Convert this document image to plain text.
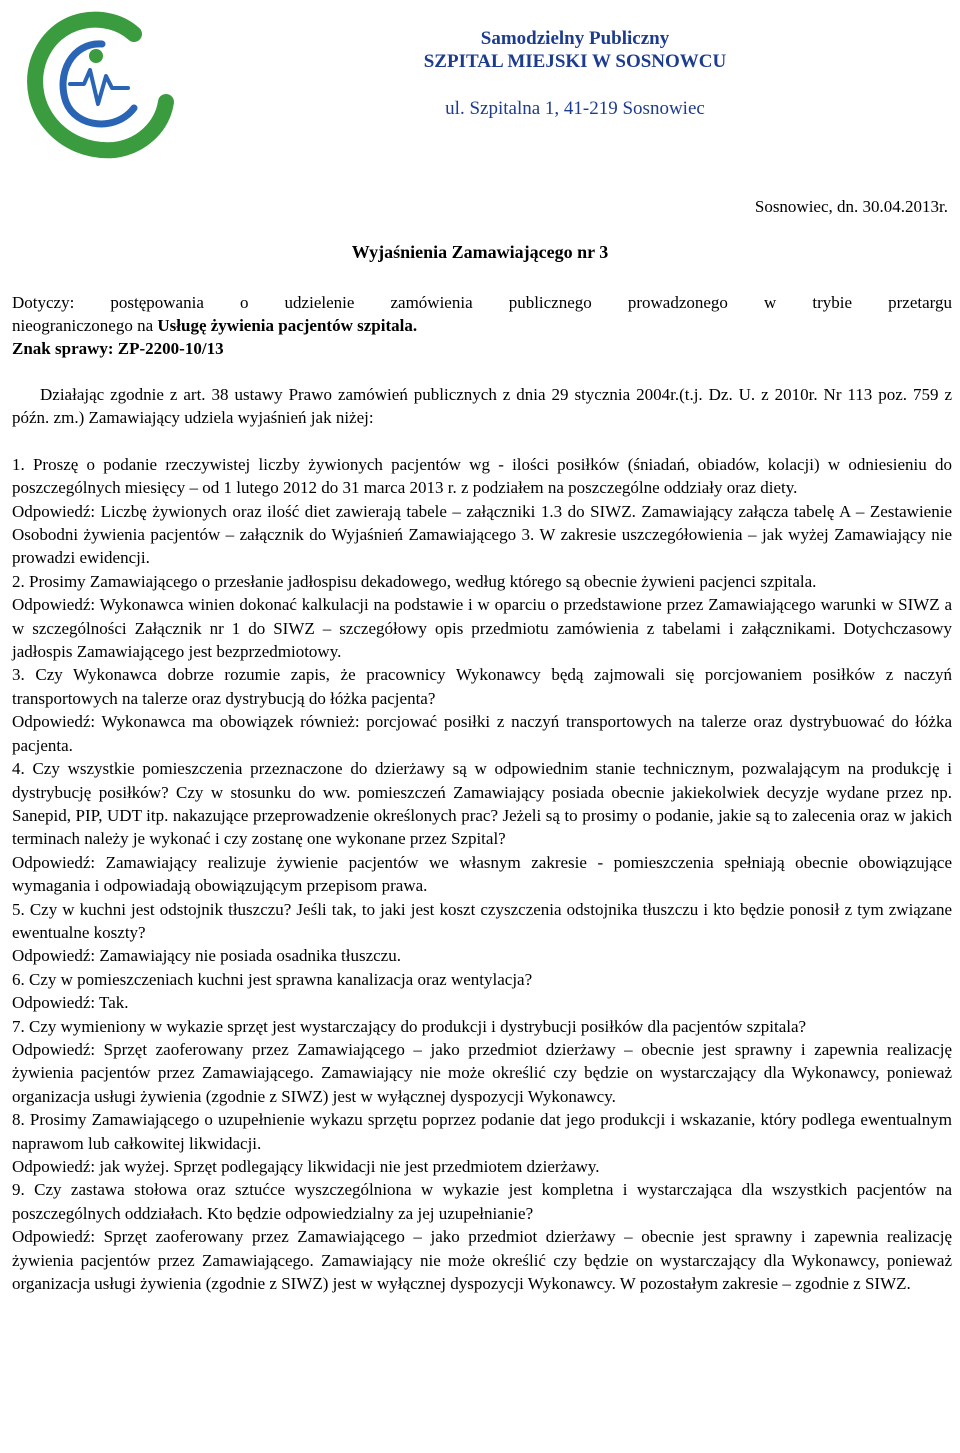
Samodzielny Publiczny
SZPITAL MIEJSKI W SOSNOWCU
ul. Szpitalna 1, 41-219 Sosnowiec
Sosnowiec, dn. 30.04.2013r.
Wyjaśnienia Zamawiającego nr 3
Dotyczy: postępowania o udzielenie zamówienia publicznego prowadzonego w trybie przetargu
nieograniczonego na Usługę żywienia pacjentów szpitala.
Znak sprawy: ZP-2200-10/13

Działając zgodnie z art. 38 ustawy Prawo zamówień publicznych z dnia 29 stycznia 2004r.(t.j. Dz. U. z 2010r. Nr 113 poz. 759 z późn. zm.) Zamawiający udziela wyjaśnień jak niżej:

1. Proszę o podanie rzeczywistej liczby żywionych pacjentów wg - ilości posiłków (śniadań, obiadów, kolacji) w odniesieniu do poszczególnych miesięcy – od 1 lutego 2012 do 31 marca 2013 r. z podziałem na poszczególne oddziały oraz diety.

Odpowiedź: Liczbę żywionych oraz ilość diet zawierają tabele – załączniki 1.3 do SIWZ. Zamawiający załącza tabelę A – Zestawienie Osobodni żywienia pacjentów – załącznik do Wyjaśnień Zamawiającego 3. W zakresie uszczegółowienia – jak wyżej Zamawiający nie prowadzi ewidencji.

2. Prosimy Zamawiającego o przesłanie jadłospisu dekadowego, według którego są obecnie żywieni pacjenci szpitala.

Odpowiedź: Wykonawca winien dokonać kalkulacji na podstawie i w oparciu o przedstawione przez Zamawiającego warunki w SIWZ a w szczególności Załącznik nr 1 do SIWZ – szczegółowy opis przedmiotu zamówienia z tabelami i załącznikami. Dotychczasowy jadłospis Zamawiającego jest bezprzedmiotowy.

3. Czy Wykonawca dobrze rozumie zapis, że pracownicy Wykonawcy będą zajmowali się porcjowaniem posiłków z naczyń transportowych na talerze oraz dystrybucją do łóżka pacjenta?

Odpowiedź: Wykonawca ma obowiązek również: porcjować posiłki z naczyń transportowych na talerze oraz dystrybuować do łóżka pacjenta.

4. Czy wszystkie pomieszczenia przeznaczone do dzierżawy są w odpowiednim stanie technicznym, pozwalającym na produkcję i dystrybucję posiłków? Czy w stosunku do ww. pomieszczeń Zamawiający posiada obecnie jakiekolwiek decyzje wydane przez np. Sanepid, PIP, UDT itp. nakazujące przeprowadzenie określonych prac? Jeżeli są to prosimy o podanie, jakie są to zalecenia oraz w jakich terminach należy je wykonać i czy zostanę one wykonane przez Szpital?

Odpowiedź: Zamawiający realizuje żywienie pacjentów we własnym zakresie - pomieszczenia spełniają obecnie obowiązujące wymagania i odpowiadają obowiązującym przepisom prawa.

5. Czy w kuchni jest odstojnik tłuszczu? Jeśli tak, to jaki jest koszt czyszczenia odstojnika tłuszczu i kto będzie ponosił z tym związane ewentualne koszty?

Odpowiedź: Zamawiający nie posiada osadnika tłuszczu.

6. Czy w pomieszczeniach kuchni jest sprawna kanalizacja oraz wentylacja?

Odpowiedź: Tak.

7. Czy wymieniony w wykazie sprzęt jest wystarczający do produkcji i dystrybucji posiłków dla pacjentów szpitala?

Odpowiedź: Sprzęt zaoferowany przez Zamawiającego – jako przedmiot dzierżawy – obecnie jest sprawny i zapewnia realizację żywienia pacjentów przez Zamawiającego. Zamawiający nie może określić czy będzie on wystarczający dla Wykonawcy, ponieważ organizacja usługi żywienia (zgodnie z SIWZ) jest w wyłącznej dyspozycji Wykonawcy.

8. Prosimy Zamawiającego o uzupełnienie wykazu sprzętu poprzez podanie dat jego produkcji i wskazanie, który podlega ewentualnym naprawom lub całkowitej likwidacji.

Odpowiedź: jak wyżej. Sprzęt podlegający likwidacji nie jest przedmiotem dzierżawy.

9. Czy zastawa stołowa oraz sztućce wyszczególniona w wykazie jest kompletna i wystarczająca dla wszystkich pacjentów na poszczególnych oddziałach. Kto będzie odpowiedzialny za jej uzupełnianie?

Odpowiedź: Sprzęt zaoferowany przez Zamawiającego – jako przedmiot dzierżawy – obecnie jest sprawny i zapewnia realizację żywienia pacjentów przez Zamawiającego. Zamawiający nie może określić czy będzie on wystarczający dla Wykonawcy, ponieważ organizacja usługi żywienia (zgodnie z SIWZ) jest w wyłącznej dyspozycji Wykonawcy. W pozostałym zakresie – zgodnie z SIWZ.
